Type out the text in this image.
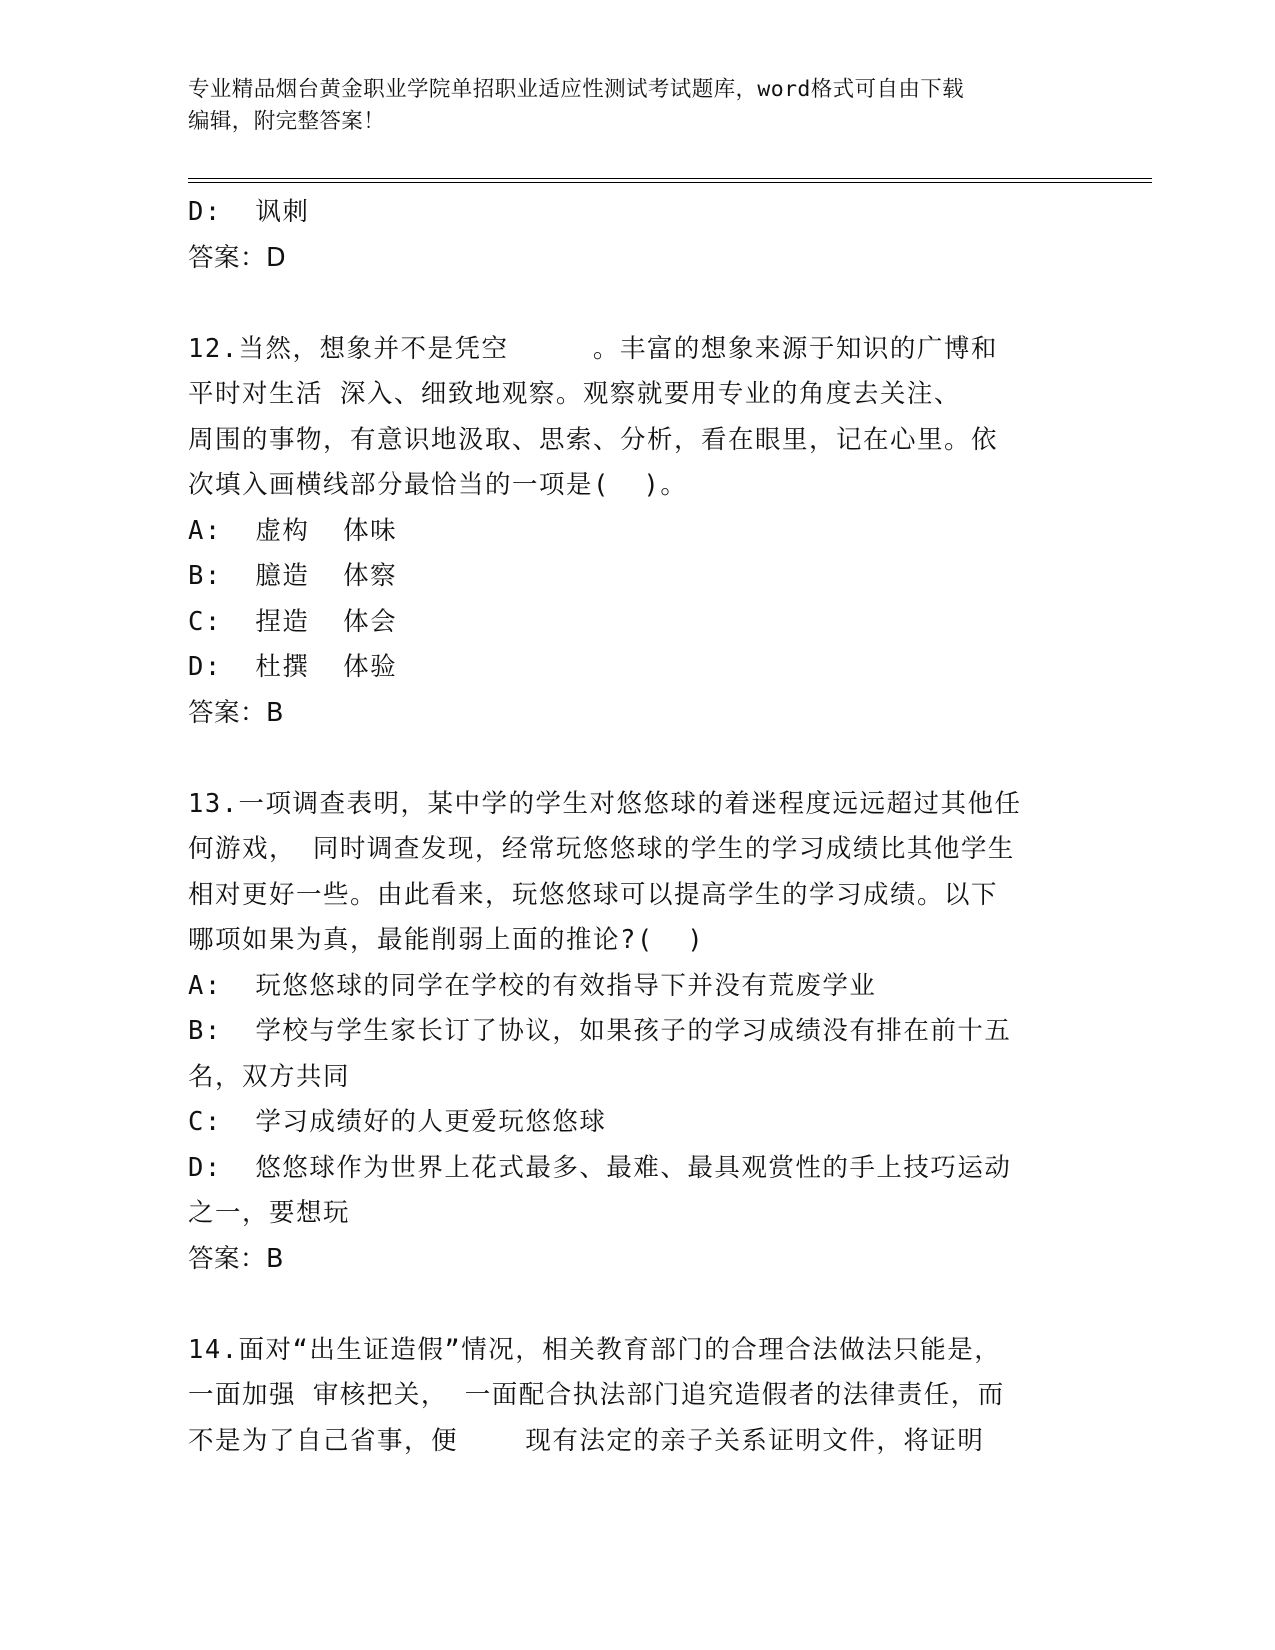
专业精品烟台黄金职业学院单招职业适应性测试考试题库，word格式可自由下载
编辑，附完整答案！
D:  讽刺
答案：D
12.当然，想象并不是凭空     。丰富的想象来源于知识的广博和
平时对生活 深入、细致地观察。观察就要用专业的角度去关注、
周围的事物，有意识地汲取、思索、分析，看在眼里，记在心里。依
次填入画横线部分最恰当的一项是(  )。
A:  虚构  体味
B:  臆造  体察
C:  捏造  体会
D:  杜撰  体验
答案：B
13.一项调查表明，某中学的学生对悠悠球的着迷程度远远超过其他任
何游戏， 同时调查发现，经常玩悠悠球的学生的学习成绩比其他学生
相对更好一些。由此看来，玩悠悠球可以提高学生的学习成绩。以下
哪项如果为真，最能削弱上面的推论?(  )
A:  玩悠悠球的同学在学校的有效指导下并没有荒废学业
B:  学校与学生家长订了协议，如果孩子的学习成绩没有排在前十五
名，双方共同
C:  学习成绩好的人更爱玩悠悠球
D:  悠悠球作为世界上花式最多、最难、最具观赏性的手上技巧运动
之一，要想玩
答案：B
14.面对“出生证造假”情况，相关教育部门的合理合法做法只能是，
一面加强 审核把关， 一面配合执法部门追究造假者的法律责任，而
不是为了自己省事，便    现有法定的亲子关系证明文件，将证明
